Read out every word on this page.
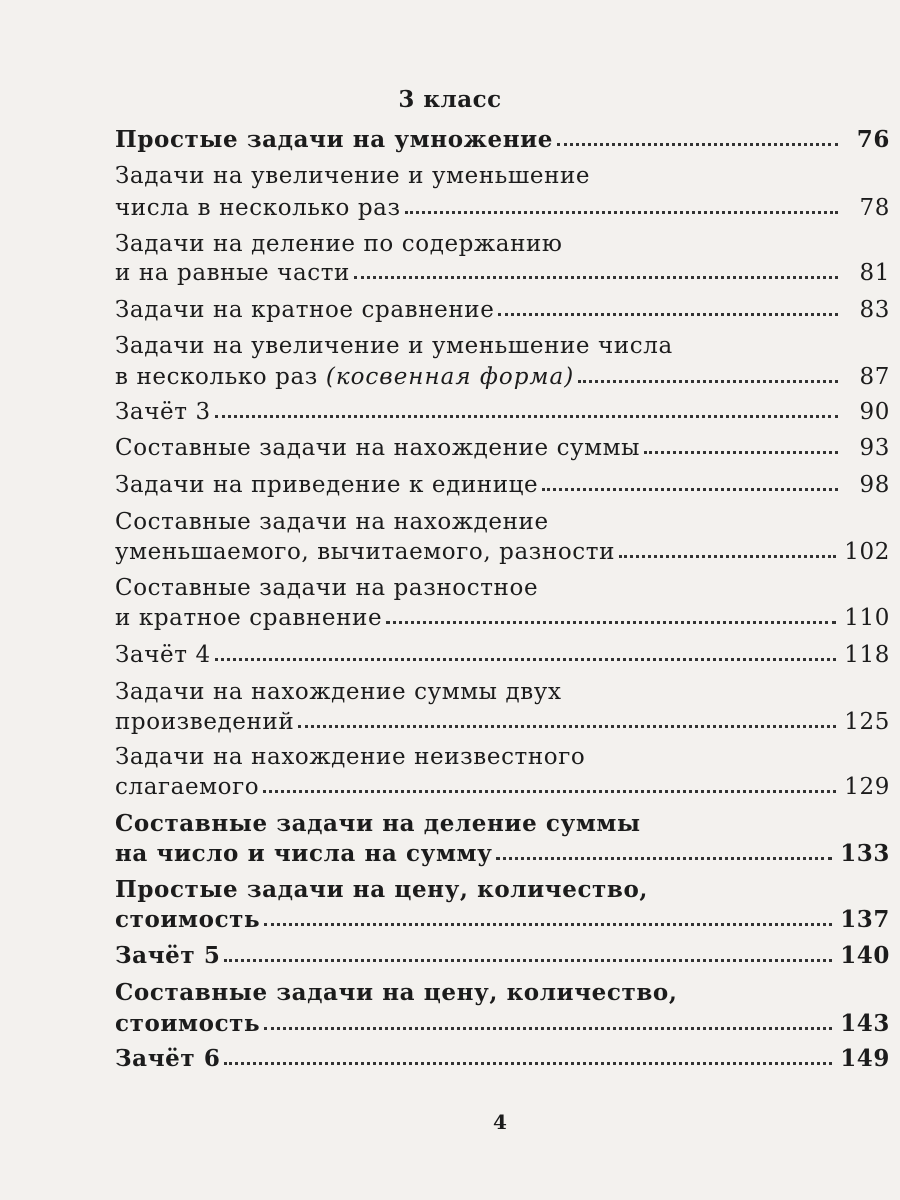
3 класс
Простые задачи на умножение	76
Задачи на увеличение и уменьшение
числа в несколько раз	78
Задачи на деление по содержанию
и на равные части	81
Задачи на кратное сравнение	83
Задачи на увеличение и уменьшение числа
в несколько раз (косвенная форма)	87
Зачёт 3	90
Составные задачи на нахождение суммы	93
Задачи на приведение к единице	98
Составные задачи на нахождение
уменьшаемого, вычитаемого, разности	102
Составные задачи на разностное
и кратное сравнение	110
Зачёт 4	118
Задачи на нахождение суммы двух
произведений	125
Задачи на нахождение неизвестного
слагаемого	129
Составные задачи на деление суммы
на число и числа на сумму	133
Простые задачи на цену, количество,
стоимость	137
Зачёт 5	140
Составные задачи на цену, количество,
стоимость	143
Зачёт 6	149
4
